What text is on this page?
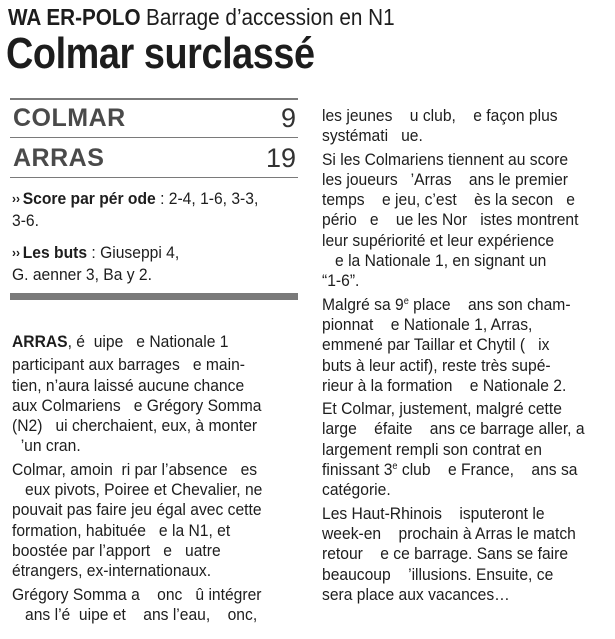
WA ER-POLO Barrage d’accession en N1
Colmar surclassé
COLMAR	9
ARRAS	19
›› Score par pér ode : 2-4, 1-6, 3-3,
3-6.
›› Les buts : Giuseppi 4,
G. aenner 3, Ba y 2.

ARRAS, é  uipe   e Nationale 1

participant aux barrages   e main-

tien, n’aura laissé aucune chance

aux Colmariens   e Grégory Somma

(N2)   ui cherchaient, eux, à monter

’un cran.

Colmar, amoin  ri par l’absence   es

eux pivots, Poiree et Chevalier, ne

pouvait pas faire jeu égal avec cette

formation, habituée   e la N1, et

boostée par l’apport   e   uatre

étrangers, ex-internationaux.

Grégory Somma a    onc   û intégrer

ans l’é  uipe et    ans l’eau,    onc,

les jeunes    u club,    e façon plus

systémati   ue.

Si les Colmariens tiennent au score

les joueurs   ’Arras    ans le premier

temps    e jeu, c’est    ès la secon   e

pério   e    ue les Nor   istes montrent

leur supériorité et leur expérience

e la Nationale 1, en signant un

“1-6”.

Malgré sa 9e place    ans son cham-

pionnat    e Nationale 1, Arras,

emmené par Taillar et Chytil (   ix

buts à leur actif), reste très supé-

rieur à la formation    e Nationale 2.

Et Colmar, justement, malgré cette

large    éfaite    ans ce barrage aller, a

largement rempli son contrat en

finissant 3e club    e France,    ans sa

catégorie.

Les Haut-Rhinois    isputeront le

week-en    prochain à Arras le match

retour    e ce barrage. Sans se faire

beaucoup    ’illusions. Ensuite, ce

sera place aux vacances…
